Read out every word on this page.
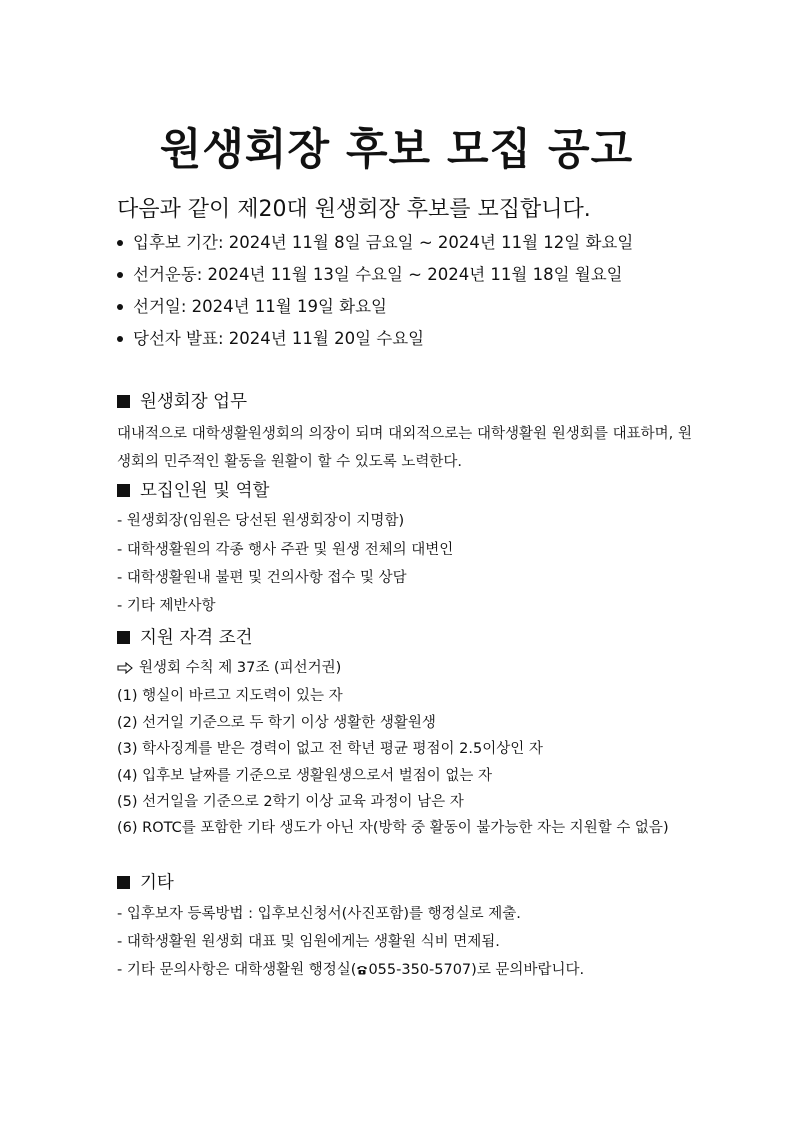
원생회장 후보 모집 공고
다음과 같이 제20대 원생회장 후보를 모집합니다.
입후보 기간: 2024년 11월 8일 금요일 ~ 2024년 11월 12일 화요일
선거운동: 2024년 11월 13일 수요일 ~ 2024년 11월 18일 월요일
선거일: 2024년 11월 19일 화요일
당선자 발표: 2024년 11월 20일 수요일
원생회장 업무
대내적으로 대학생활원생회의 의장이 되며 대외적으로는 대학생활원 원생회를 대표하며, 원생회의 민주적인 활동을 원활이 할 수 있도록 노력한다.
모집인원 및 역할
- 원생회장(임원은 당선된 원생회장이 지명함)
- 대학생활원의 각종 행사 주관 및 원생 전체의 대변인
- 대학생활원내 불편 및 건의사항 접수 및 상담
- 기타 제반사항
지원 자격 조건
원생회 수칙 제 37조 (피선거권)
(1) 행실이 바르고 지도력이 있는 자
(2) 선거일 기준으로 두 학기 이상 생활한 생활원생
(3) 학사징계를 받은 경력이 없고 전 학년 평균 평점이 2.5이상인 자
(4) 입후보 날짜를 기준으로 생활원생으로서 벌점이 없는 자
(5) 선거일을 기준으로 2학기 이상 교육 과정이 남은 자
(6) ROTC를 포함한 기타 생도가 아닌 자(방학 중 활동이 불가능한 자는 지원할 수 없음)
기타
- 입후보자 등록방법 : 입후보신청서(사진포함)를 행정실로 제출.
- 대학생활원 원생회 대표 및 임원에게는 생활원 식비 면제됨.
- 기타 문의사항은 대학생활원 행정실( 055-350-5707)로 문의바랍니다.
